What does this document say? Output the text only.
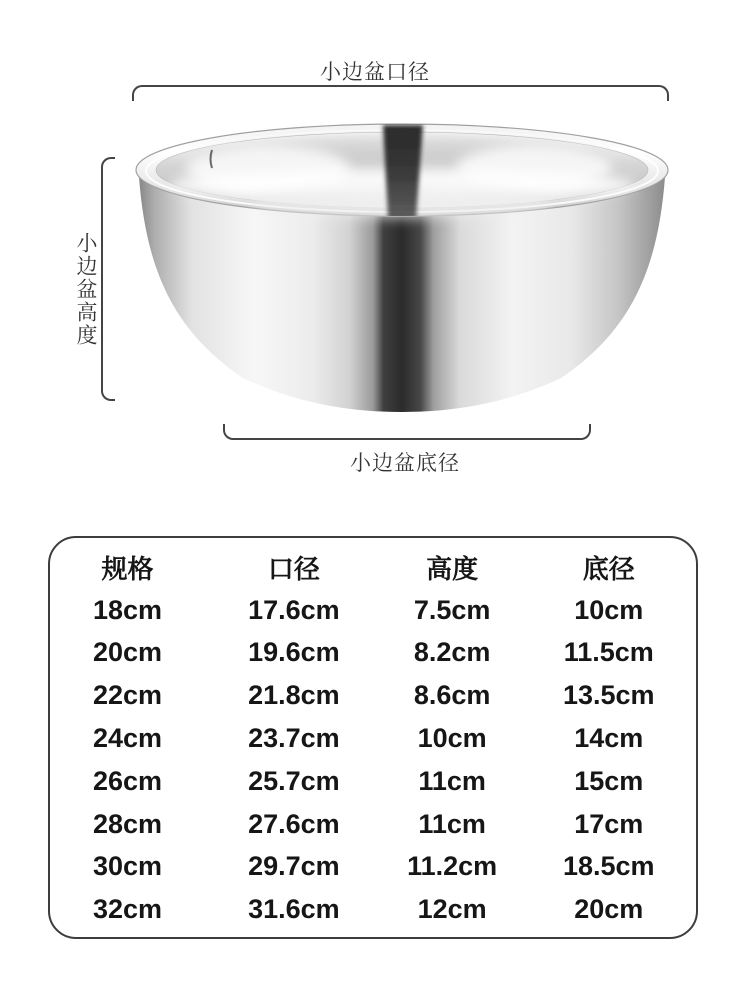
小边盆口径
小边盆高度
小边盆底径
规格	口径	高度	底径
18cm	17.6cm	7.5cm	10cm
20cm	19.6cm	8.2cm	11.5cm
22cm	21.8cm	8.6cm	13.5cm
24cm	23.7cm	10cm	14cm
26cm	25.7cm	11cm	15cm
28cm	27.6cm	11cm	17cm
30cm	29.7cm	11.2cm	18.5cm
32cm	31.6cm	12cm	20cm
